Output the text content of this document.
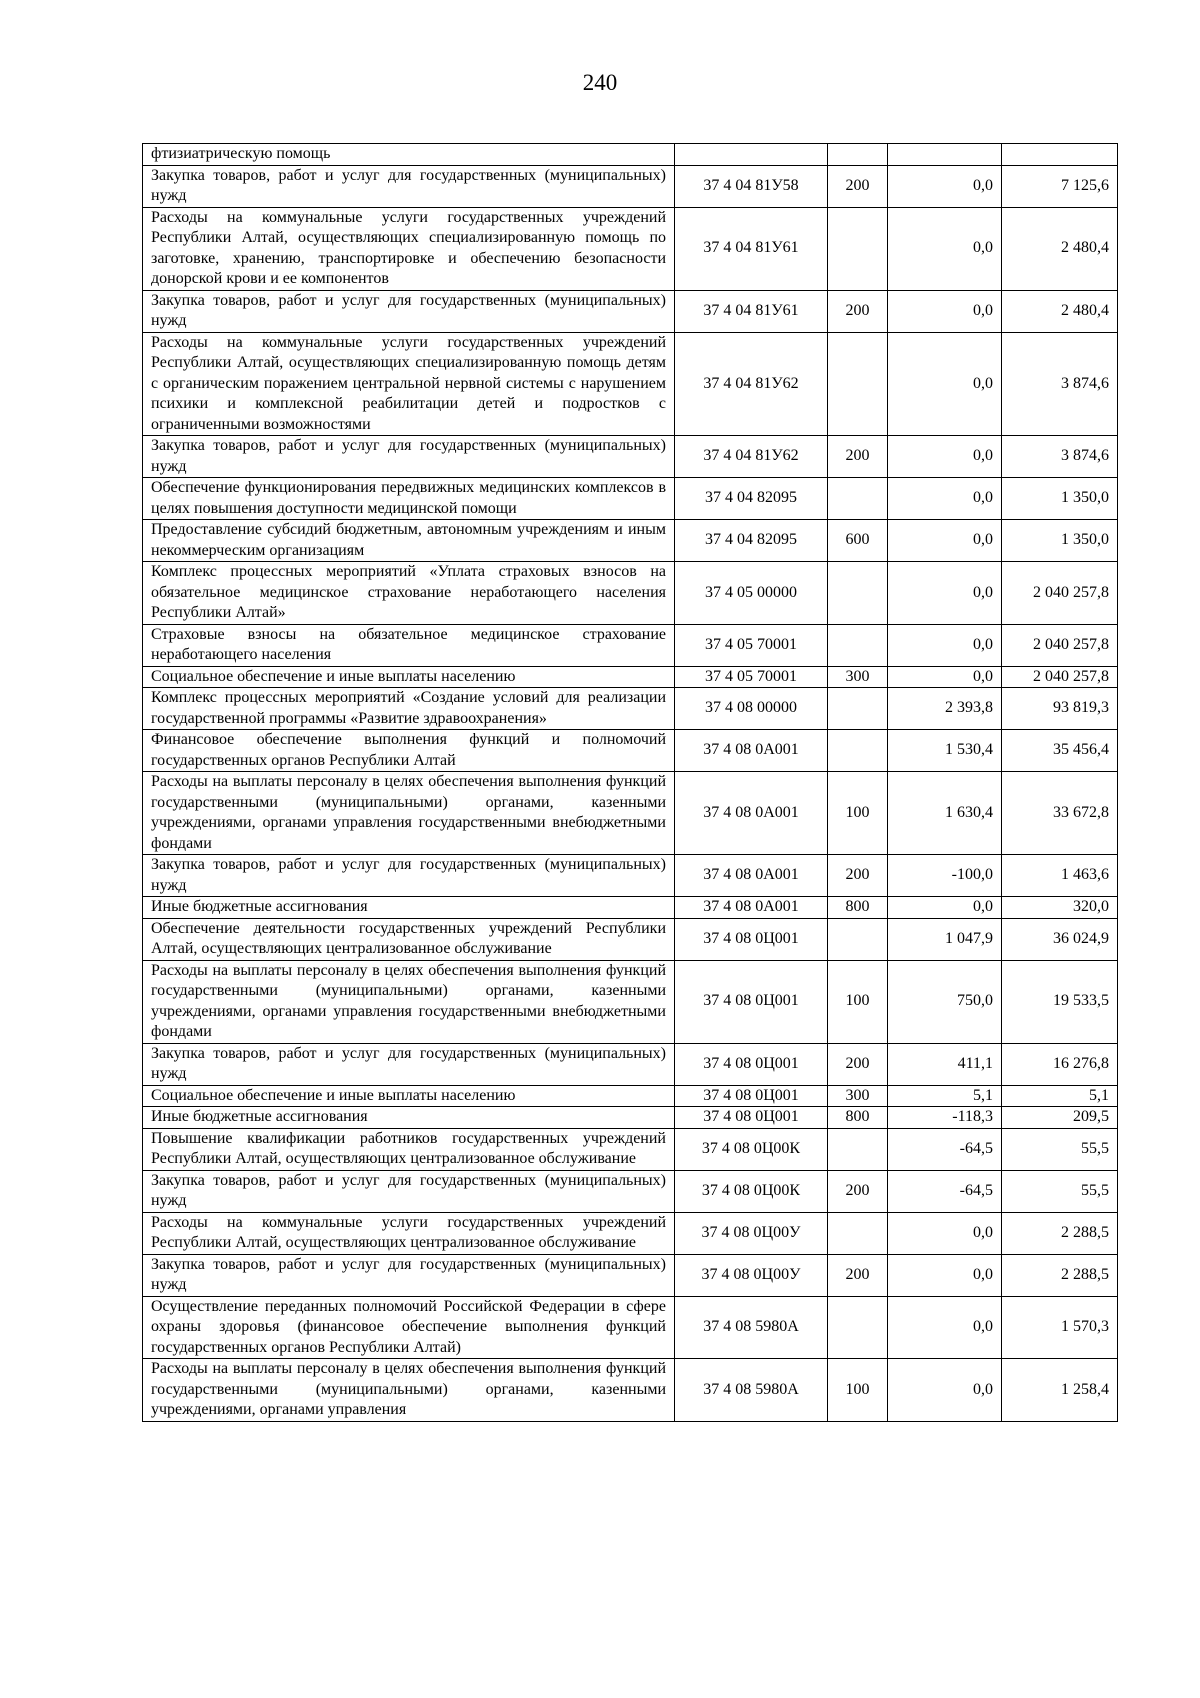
240
фтизиатрическую помощь				
Закупка товаров, работ и услуг для государственных (муниципальных) нужд	37 4 04 81У58	200	0,0	7 125,6
Расходы на коммунальные услуги государственных учреждений Республики Алтай, осуществляющих специализированную помощь по заготовке, хранению, транспортировке и обеспечению безопасности донорской крови и ее компонентов	37 4 04 81У61		0,0	2 480,4
Закупка товаров, работ и услуг для государственных (муниципальных) нужд	37 4 04 81У61	200	0,0	2 480,4
Расходы на коммунальные услуги государственных учреждений Республики Алтай, осуществляющих специализированную помощь детям с органическим поражением центральной нервной системы с нарушением психики и комплексной реабилитации детей и подростков с ограниченными возможностями	37 4 04 81У62		0,0	3 874,6
Закупка товаров, работ и услуг для государственных (муниципальных) нужд	37 4 04 81У62	200	0,0	3 874,6
Обеспечение функционирования передвижных медицинских комплексов в целях повышения доступности медицинской помощи	37 4 04 82095		0,0	1 350,0
Предоставление субсидий бюджетным, автономным учреждениям и иным некоммерческим организациям	37 4 04 82095	600	0,0	1 350,0
Комплекс процессных мероприятий «Уплата страховых взносов на обязательное медицинское страхование неработающего населения Республики Алтай»	37 4 05 00000		0,0	2 040 257,8
Страховые взносы на обязательное медицинское страхование неработающего населения	37 4 05 70001		0,0	2 040 257,8
Социальное обеспечение и иные выплаты населению	37 4 05 70001	300	0,0	2 040 257,8
Комплекс процессных мероприятий «Создание условий для реализации государственной программы «Развитие здравоохранения»	37 4 08 00000		2 393,8	93 819,3
Финансовое обеспечение выполнения функций и полномочий государственных органов Республики Алтай	37 4 08 0А001		1 530,4	35 456,4
Расходы на выплаты персоналу в целях обеспечения выполнения функций государственными (муниципальными) органами, казенными учреждениями, органами управления государственными внебюджетными фондами	37 4 08 0А001	100	1 630,4	33 672,8
Закупка товаров, работ и услуг для государственных (муниципальных) нужд	37 4 08 0А001	200	-100,0	1 463,6
Иные бюджетные ассигнования	37 4 08 0А001	800	0,0	320,0
Обеспечение деятельности государственных учреждений Республики Алтай, осуществляющих централизованное обслуживание	37 4 08 0Ц001		1 047,9	36 024,9
Расходы на выплаты персоналу в целях обеспечения выполнения функций государственными (муниципальными) органами, казенными учреждениями, органами управления государственными внебюджетными фондами	37 4 08 0Ц001	100	750,0	19 533,5
Закупка товаров, работ и услуг для государственных (муниципальных) нужд	37 4 08 0Ц001	200	411,1	16 276,8
Социальное обеспечение и иные выплаты населению	37 4 08 0Ц001	300	5,1	5,1
Иные бюджетные ассигнования	37 4 08 0Ц001	800	-118,3	209,5
Повышение квалификации работников государственных учреждений Республики Алтай, осуществляющих централизованное обслуживание	37 4 08 0Ц00К		-64,5	55,5
Закупка товаров, работ и услуг для государственных (муниципальных) нужд	37 4 08 0Ц00К	200	-64,5	55,5
Расходы на коммунальные услуги государственных учреждений Республики Алтай, осуществляющих централизованное обслуживание	37 4 08 0Ц00У		0,0	2 288,5
Закупка товаров, работ и услуг для государственных (муниципальных) нужд	37 4 08 0Ц00У	200	0,0	2 288,5
Осуществление переданных полномочий Российской Федерации в сфере охраны здоровья (финансовое обеспечение выполнения функций государственных органов Республики Алтай)	37 4 08 5980А		0,0	1 570,3
Расходы на выплаты персоналу в целях обеспечения выполнения функций государственными (муниципальными) органами, казенными учреждениями, органами управления	37 4 08 5980А	100	0,0	1 258,4
